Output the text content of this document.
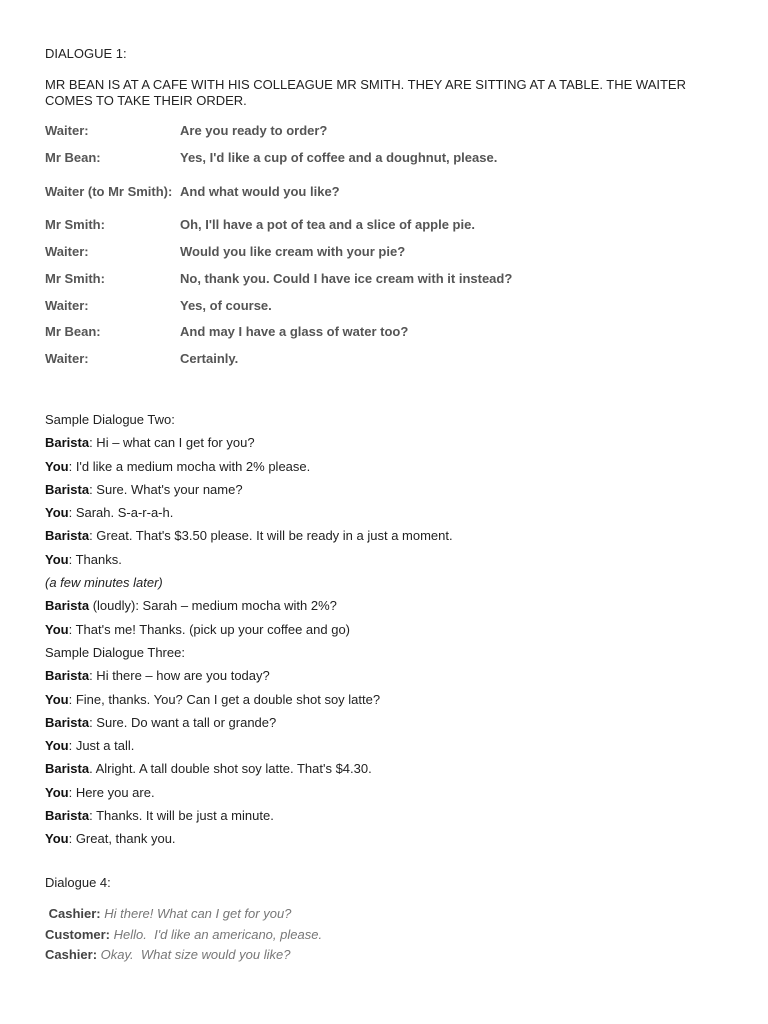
DIALOGUE 1:
MR BEAN IS AT A CAFE WITH HIS COLLEAGUE MR SMITH. THEY ARE SITTING AT A TABLE. THE WAITER COMES TO TAKE THEIR ORDER.
Waiter:	Are you ready to order?
Mr Bean:	Yes, I'd like a cup of coffee and a doughnut, please.
Waiter (to Mr Smith): And what would you like?
Mr Smith:	Oh, I'll have a pot of tea and a slice of apple pie.
Waiter:	Would you like cream with your pie?
Mr Smith:	No, thank you. Could I have ice cream with it instead?
Waiter:	Yes, of course.
Mr Bean:	And may I have a glass of water too?
Waiter:	Certainly.
Sample Dialogue Two:
Barista: Hi – what can I get for you?
You: I'd like a medium mocha with 2% please.
Barista: Sure. What's your name?
You: Sarah. S-a-r-a-h.
Barista: Great. That's $3.50 please. It will be ready in a just a moment.
You: Thanks.
(a few minutes later)
Barista (loudly): Sarah – medium mocha with 2%?
You: That's me! Thanks. (pick up your coffee and go)
Sample Dialogue Three:
Barista: Hi there – how are you today?
You: Fine, thanks. You? Can I get a double shot soy latte?
Barista: Sure. Do want a tall or grande?
You: Just a tall.
Barista. Alright. A tall double shot soy latte. That's $4.30.
You: Here you are.
Barista: Thanks. It will be just a minute.
You: Great, thank you.
Dialogue 4:
Cashier: Hi there! What can I get for you?
Customer: Hello.  I'd like an americano, please.
Cashier: Okay.  What size would you like?
